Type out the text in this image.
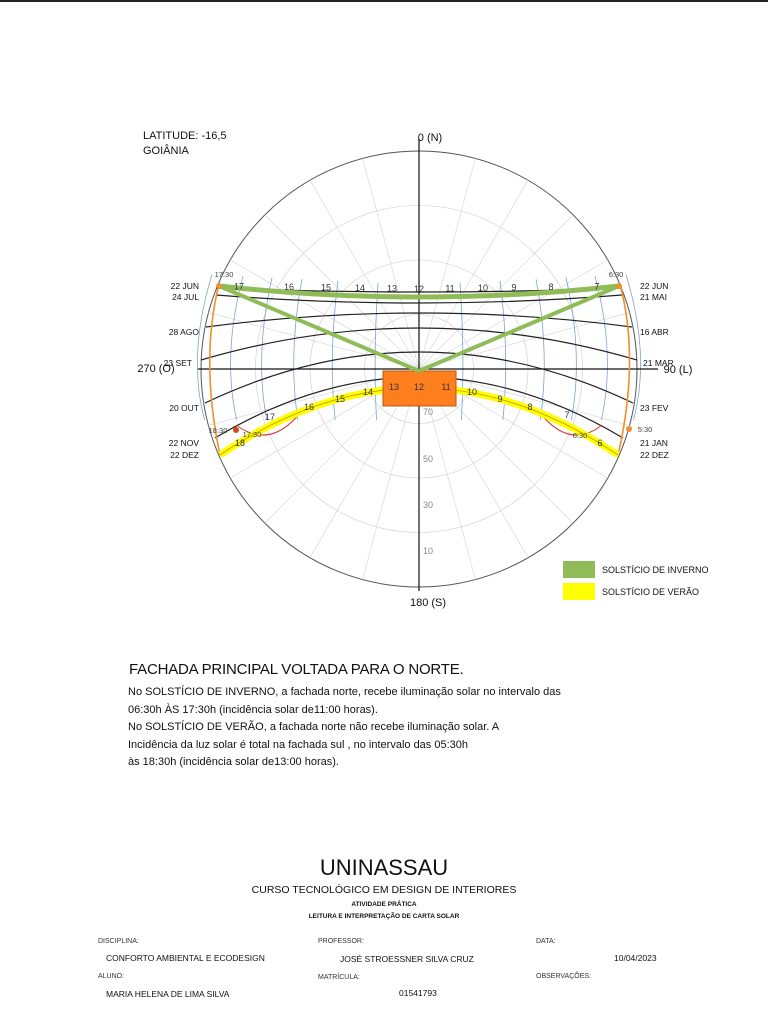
LATITUDE: -16,5
GOIÂNIA
0 (N)
90 (L)
180 (S)
270 (O)
22 JUN
24 JUL
28 AGO
23 SET
20 OUT
22 NOV
22 DEZ
22 JUN
21 MAI
16 ABR
21 MAR
23 FEV
21 JAN
22 DEZ
17:30	6:30
18:30	5:30
6:30
17:30
70
50
30
10
17	16	15	14 13 12 11	10	9	8	7
17
16
15
14 13 12 11 10
9
8
7
6
18
SOLSTÍCIO DE INVERNO
SOLSTÍCIO DE VERÃO
FACHADA PRINCIPAL VOLTADA PARA O NORTE.
No SOLSTÍCIO DE INVERNO, a fachada norte, recebe iluminação solar no intervalo das
06:30h ÀS 17:30h (incidência solar de11:00 horas).
No SOLSTÍCIO DE VERÃO, a fachada norte não recebe iluminação solar. A
Incidência da luz solar é total na fachada sul , no intervalo das 05:30h
às 18:30h (incidência solar de13:00 horas).
UNINASSAU
CURSO TECNOLÓGICO EM DESIGN DE INTERIORES
ATIVIDADE PRÁTICA
LEITURA E INTERPRETAÇÃO DE CARTA SOLAR
DISCIPLINA:	PROFESSOR:	DATA:
CONFORTO AMBIENTAL E ECODESIGN	JOSÉ STROESSNER SILVA CRUZ	10/04/2023
ALUNO:	MATRÍCULA:	OBSERVAÇÕES:
MARIA HELENA DE LIMA SILVA	01541793
